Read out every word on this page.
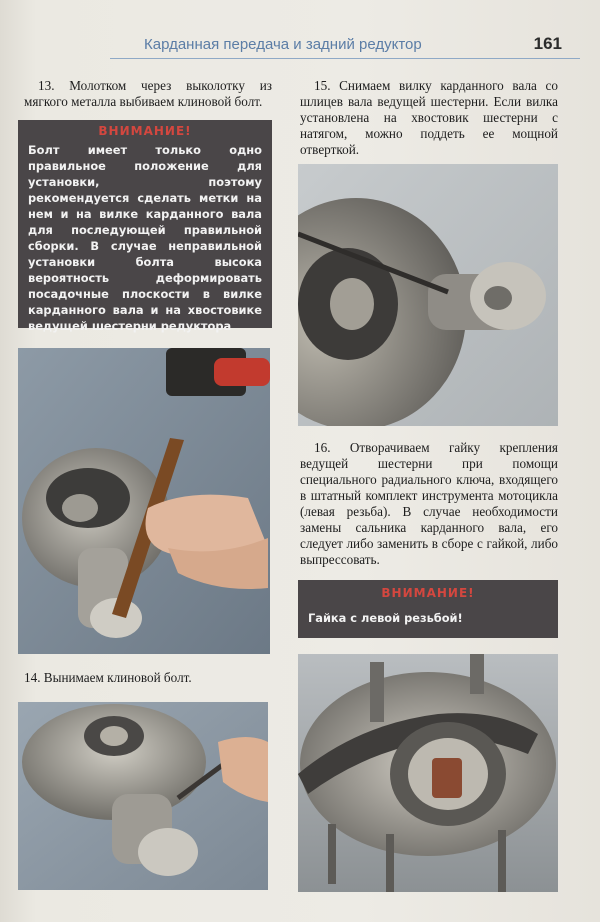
Карданная передача и задний редуктор	161

13. Молотком через выколотку из мягкого металла выбиваем клиновой болт.

ВНИМАНИЕ!
Болт имеет только одно правильное положение для установки, поэтому рекомендуется сделать метки на нем и на вилке карданного вала для последующей правильной сборки. В случае неправильной установки болта высока вероятность деформировать посадочные плоскости в вилке карданного вала и на хвостовике ведущей шестерни редуктора

14. Вынимаем клиновой болт.

15. Снимаем вилку карданного вала со шлицев вала ведущей шестерни. Если вилка установлена на хвостовик шестерни с натягом, можно поддеть ее мощной отверткой.

16. Отворачиваем гайку крепления ведущей шестерни при помощи специального радиального ключа, входящего в штатный комплект инструмента мотоцикла (левая резьба). В случае необходимости замены сальника карданного вала, его следует либо заменить в сборе с гайкой, либо выпрессовать.

ВНИМАНИЕ!
Гайка с левой резьбой!
